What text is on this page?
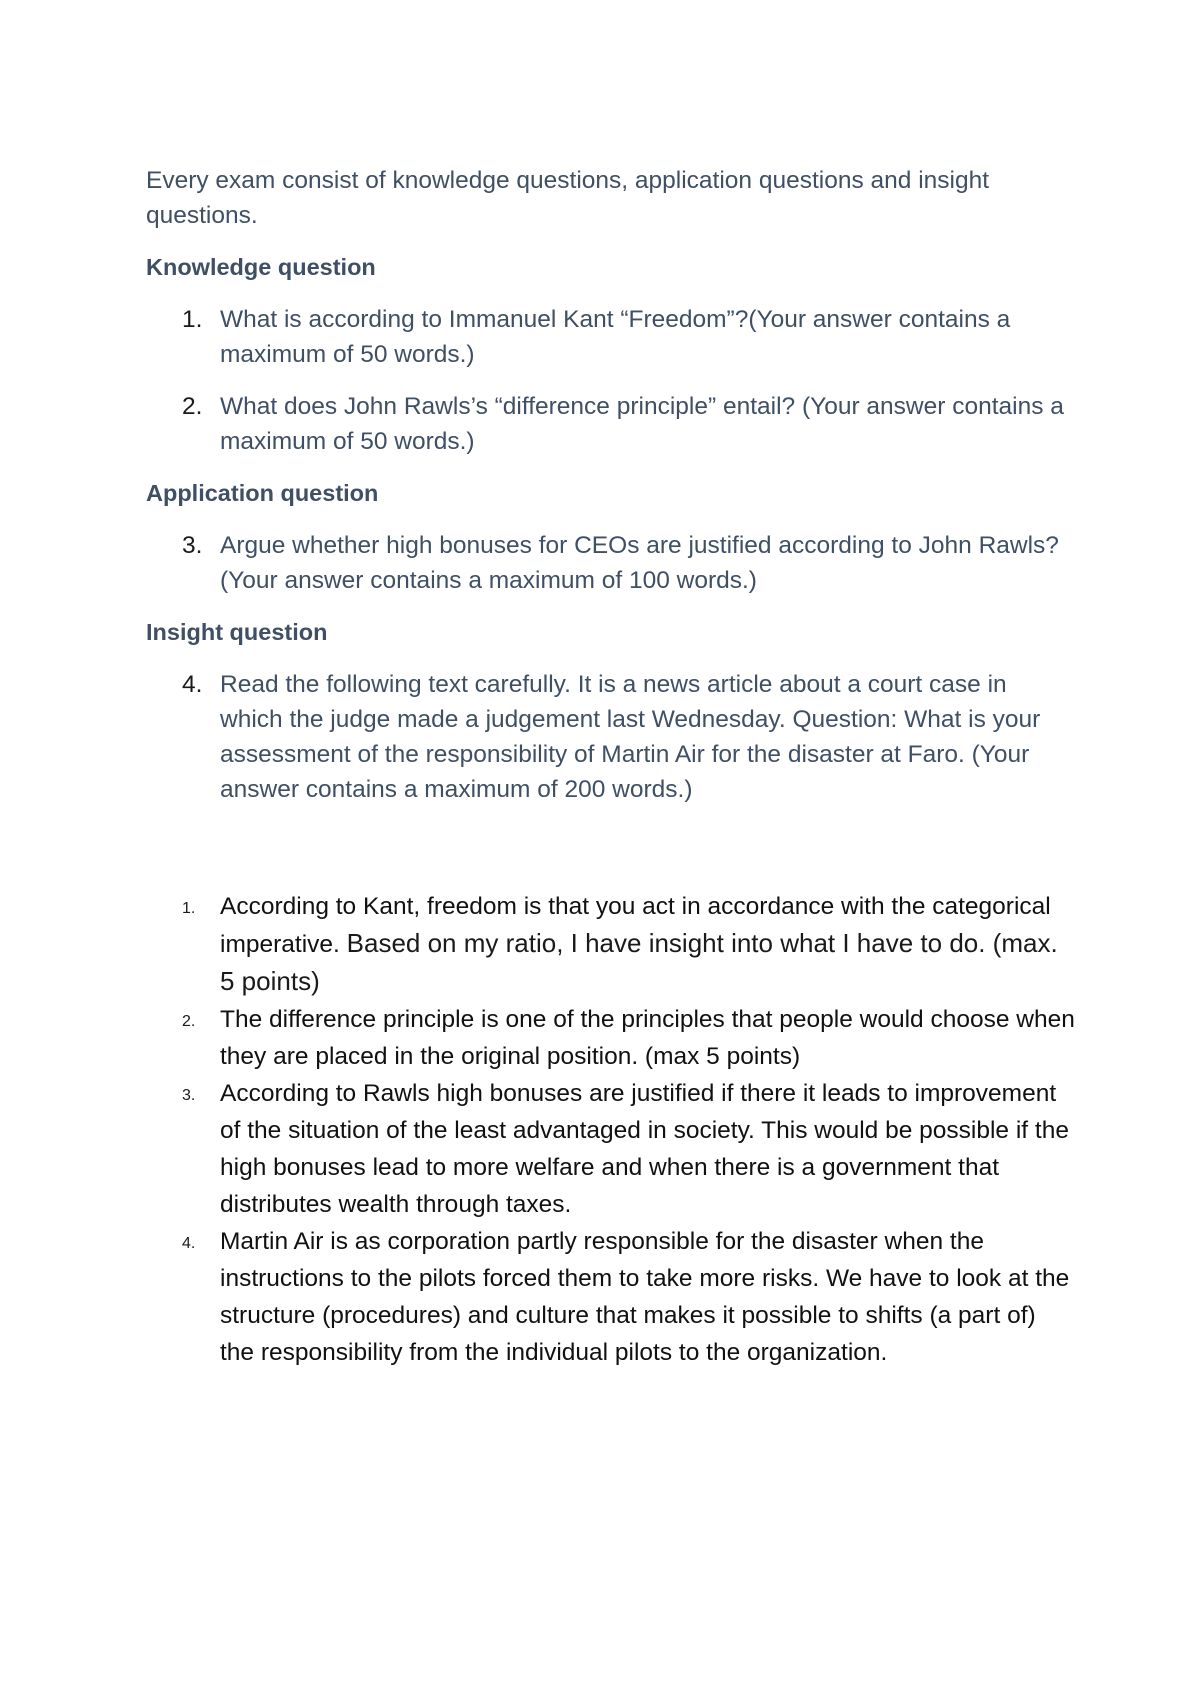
Every exam consist of knowledge questions, application questions and insight questions.

Knowledge question

1. What is according to Immanuel Kant “Freedom”?(Your answer contains a maximum of 50 words.)
2. What does John Rawls’s “difference principle” entail? (Your answer contains a maximum of 50 words.)

Application question

3. Argue whether high bonuses for CEOs are justified according to John Rawls? (Your answer contains a maximum of 100 words.)

Insight question

4. Read the following text carefully. It is a news article about a court case in which the judge made a judgement last Wednesday. Question: What is your assessment of the responsibility of Martin Air for the disaster at Faro. (Your answer contains a maximum of 200 words.)
1. According to Kant, freedom is that you act in accordance with the categorical imperative. Based on my ratio, I have insight into what I have to do. (max. 5 points)
2. The difference principle is one of the principles that people would choose when they are placed in the original position. (max 5 points)
3. According to Rawls high bonuses are justified if there it leads to improvement of the situation of the least advantaged in society. This would be possible if the high bonuses lead to more welfare and when there is a government that distributes wealth through taxes.
4. Martin Air is as corporation partly responsible for the disaster when the instructions to the pilots forced them to take more risks. We have to look at the structure (procedures) and culture that makes it possible to shifts (a part of) the responsibility from the individual pilots to the organization.
